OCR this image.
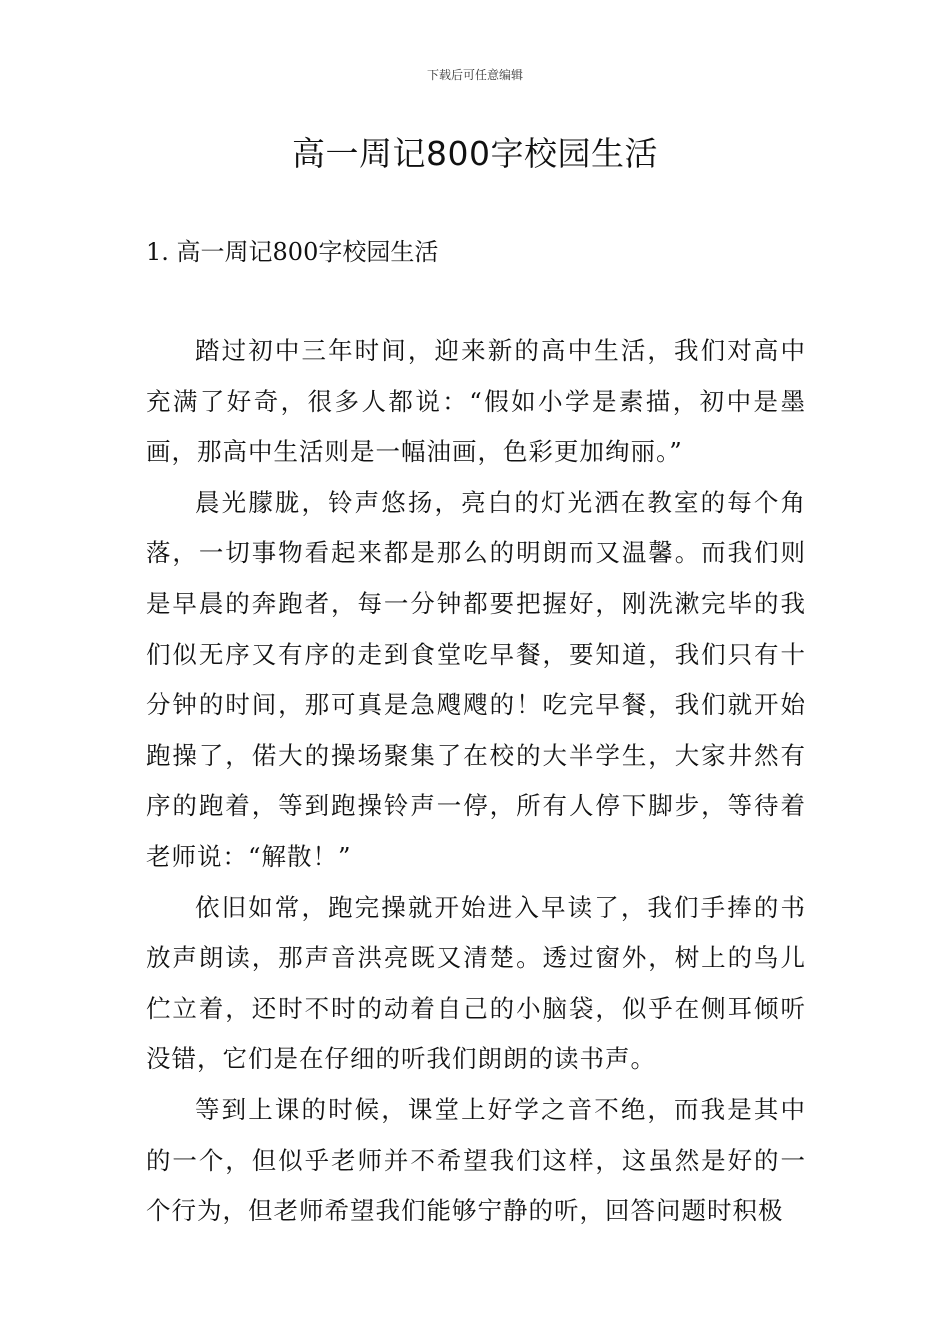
下载后可任意编辑
高一周记800字校园生活
1. 高一周记800字校园生活

踏过初中三年时间，迎来新的高中生活，我们对高中充满了好奇，很多人都说：“假如小学是素描，初中是墨画，那高中生活则是一幅油画，色彩更加绚丽。”

晨光朦胧，铃声悠扬，亮白的灯光洒在教室的每个角落，一切事物看起来都是那么的明朗而又温馨。而我们则是早晨的奔跑者，每一分钟都要把握好，刚洗漱完毕的我们似无序又有序的走到食堂吃早餐，要知道，我们只有十分钟的时间，那可真是急飕飕的！吃完早餐，我们就开始跑操了，偌大的操场聚集了在校的大半学生，大家井然有序的跑着，等到跑操铃声一停，所有人停下脚步，等待着老师说：“解散！”

依旧如常，跑完操就开始进入早读了，我们手捧的书放声朗读，那声音洪亮既又清楚。透过窗外，树上的鸟儿伫立着，还时不时的动着自己的小脑袋，似乎在侧耳倾听没错，它们是在仔细的听我们朗朗的读书声。

等到上课的时候，课堂上好学之音不绝，而我是其中的一个，但似乎老师并不希望我们这样，这虽然是好的一个行为，但老师希望我们能够宁静的听，回答问题时积极
